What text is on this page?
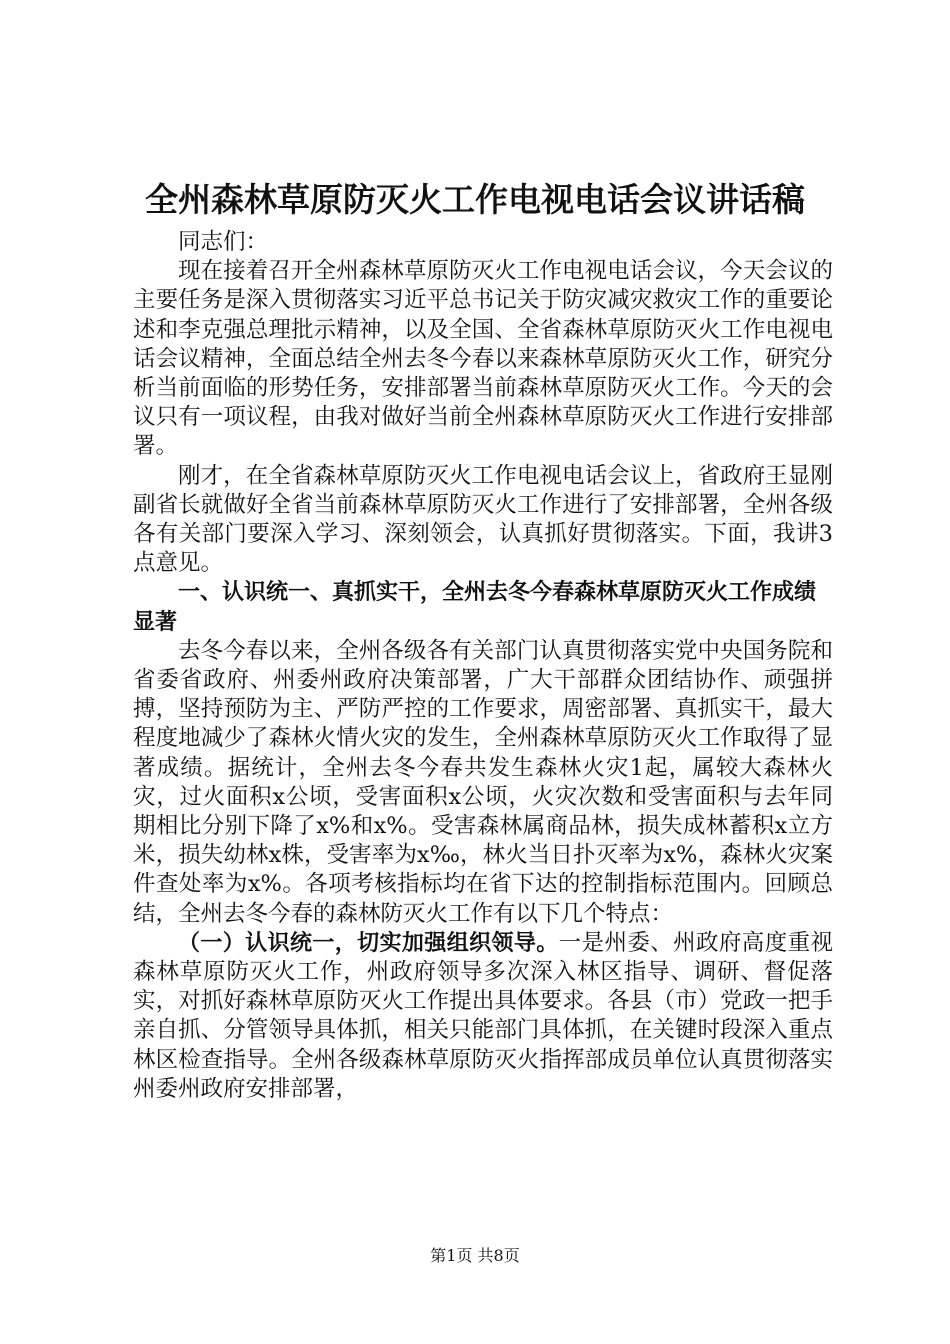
全州森林草原防灭火工作电视电话会议讲话稿

同志们：

现在接着召开全州森林草原防灭火工作电视电话会议，今天会议的主要任务是深入贯彻落实习近平总书记关于防灾减灾救灾工作的重要论述和李克强总理批示精神，以及全国、全省森林草原防灭火工作电视电话会议精神，全面总结全州去冬今春以来森林草原防灭火工作，研究分析当前面临的形势任务，安排部署当前森林草原防灭火工作。今天的会议只有一项议程，由我对做好当前全州森林草原防灭火工作进行安排部署。

刚才，在全省森林草原防灭火工作电视电话会议上，省政府王显刚副省长就做好全省当前森林草原防灭火工作进行了安排部署，全州各级各有关部门要深入学习、深刻领会，认真抓好贯彻落实。下面，我讲3点意见。

一、认识统一、真抓实干，全州去冬今春森林草原防灭火工作成绩显著

去冬今春以来，全州各级各有关部门认真贯彻落实党中央国务院和省委省政府、州委州政府决策部署，广大干部群众团结协作、顽强拼搏，坚持预防为主、严防严控的工作要求，周密部署、真抓实干，最大程度地减少了森林火情火灾的发生，全州森林草原防灭火工作取得了显著成绩。据统计，全州去冬今春共发生森林火灾1起，属较大森林火灾，过火面积x公顷，受害面积x公顷，火灾次数和受害面积与去年同期相比分别下降了x%和x%。受害森林属商品林，损失成林蓄积x立方米，损失幼林x株，受害率为x‰，林火当日扑灭率为x%，森林火灾案件查处率为x%。各项考核指标均在省下达的控制指标范围内。回顾总结，全州去冬今春的森林防灭火工作有以下几个特点：

（一）认识统一，切实加强组织领导。一是州委、州政府高度重视森林草原防灭火工作，州政府领导多次深入林区指导、调研、督促落实，对抓好森林草原防灭火工作提出具体要求。各县（市）党政一把手亲自抓、分管领导具体抓，相关只能部门具体抓，在关键时段深入重点林区检查指导。全州各级森林草原防灭火指挥部成员单位认真贯彻落实州委州政府安排部署，

第1页 共8页
